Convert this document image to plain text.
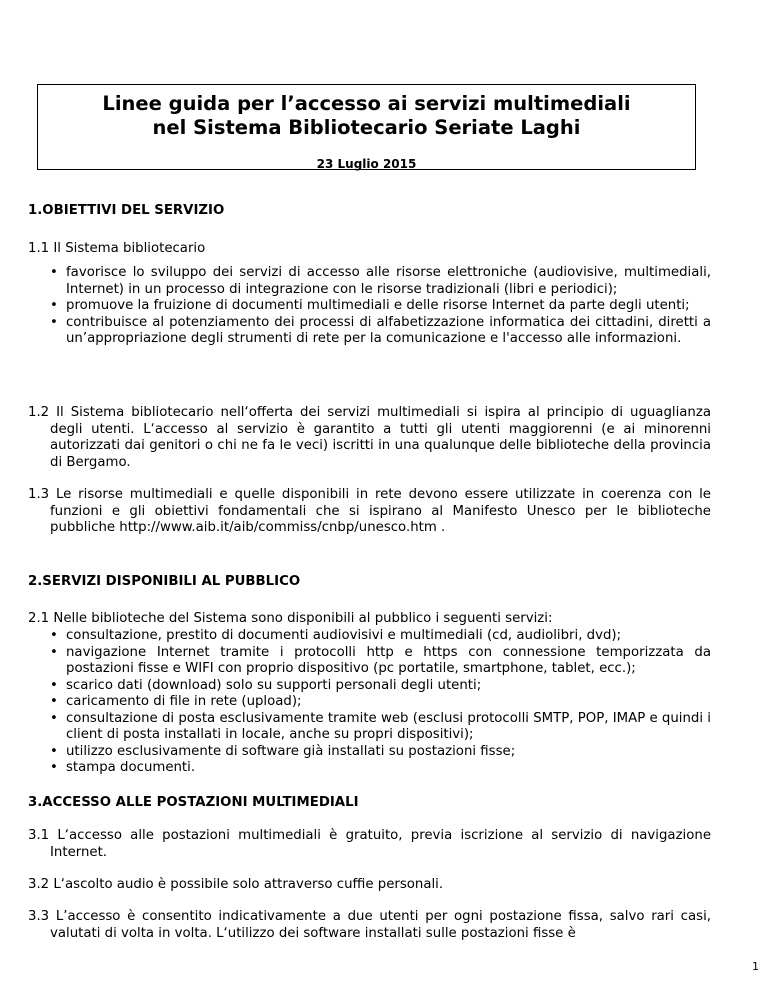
Linee guida per l’accesso ai servizi multimediali
nel Sistema Bibliotecario Seriate Laghi
23 Luglio 2015
1.OBIETTIVI DEL SERVIZIO
1.1 Il Sistema bibliotecario
• favorisce lo sviluppo dei servizi di accesso alle risorse elettroniche (audiovisive, multimediali, Internet) in un processo di integrazione con le risorse tradizionali (libri e periodici);
• promuove la fruizione di documenti multimediali e delle risorse Internet da parte degli utenti;
• contribuisce al potenziamento dei processi di alfabetizzazione informatica dei cittadini, diretti a un’appropriazione degli strumenti di rete per la comunicazione e l'accesso alle informazioni.
1.2 Il Sistema bibliotecario nell‘offerta dei servizi multimediali si ispira al principio di uguaglianza degli utenti. L‘accesso al servizio è garantito a tutti gli utenti maggiorenni (e ai minorenni autorizzati dai genitori o chi ne fa le veci) iscritti in una qualunque delle biblioteche della provincia di Bergamo.
1.3 Le risorse multimediali e quelle disponibili in rete devono essere utilizzate in coerenza con le funzioni e gli obiettivi fondamentali che si ispirano al Manifesto Unesco per le biblioteche pubbliche http://www.aib.it/aib/commiss/cnbp/unesco.htm .
2.SERVIZI DISPONIBILI AL PUBBLICO
2.1 Nelle biblioteche del Sistema sono disponibili al pubblico i seguenti servizi:
• consultazione, prestito di documenti audiovisivi e multimediali (cd, audiolibri, dvd);
• navigazione Internet tramite i protocolli http e https con connessione temporizzata da postazioni fisse e WIFI con proprio dispositivo (pc portatile, smartphone, tablet, ecc.);
• scarico dati (download) solo su supporti personali degli utenti;
• caricamento di file in rete (upload);
• consultazione di posta esclusivamente tramite web (esclusi protocolli SMTP, POP, IMAP e quindi i client di posta installati in locale, anche su propri dispositivi);
• utilizzo esclusivamente di software già installati su postazioni fisse;
• stampa documenti.
3.ACCESSO ALLE POSTAZIONI MULTIMEDIALI
3.1 L‘accesso alle postazioni multimediali è gratuito, previa iscrizione al servizio di navigazione Internet.
3.2 L‘ascolto audio è possibile solo attraverso cuffie personali.
3.3 L’accesso è consentito indicativamente a due utenti per ogni postazione fissa, salvo rari casi, valutati di volta in volta. L‘utilizzo dei software installati sulle postazioni fisse è
1
